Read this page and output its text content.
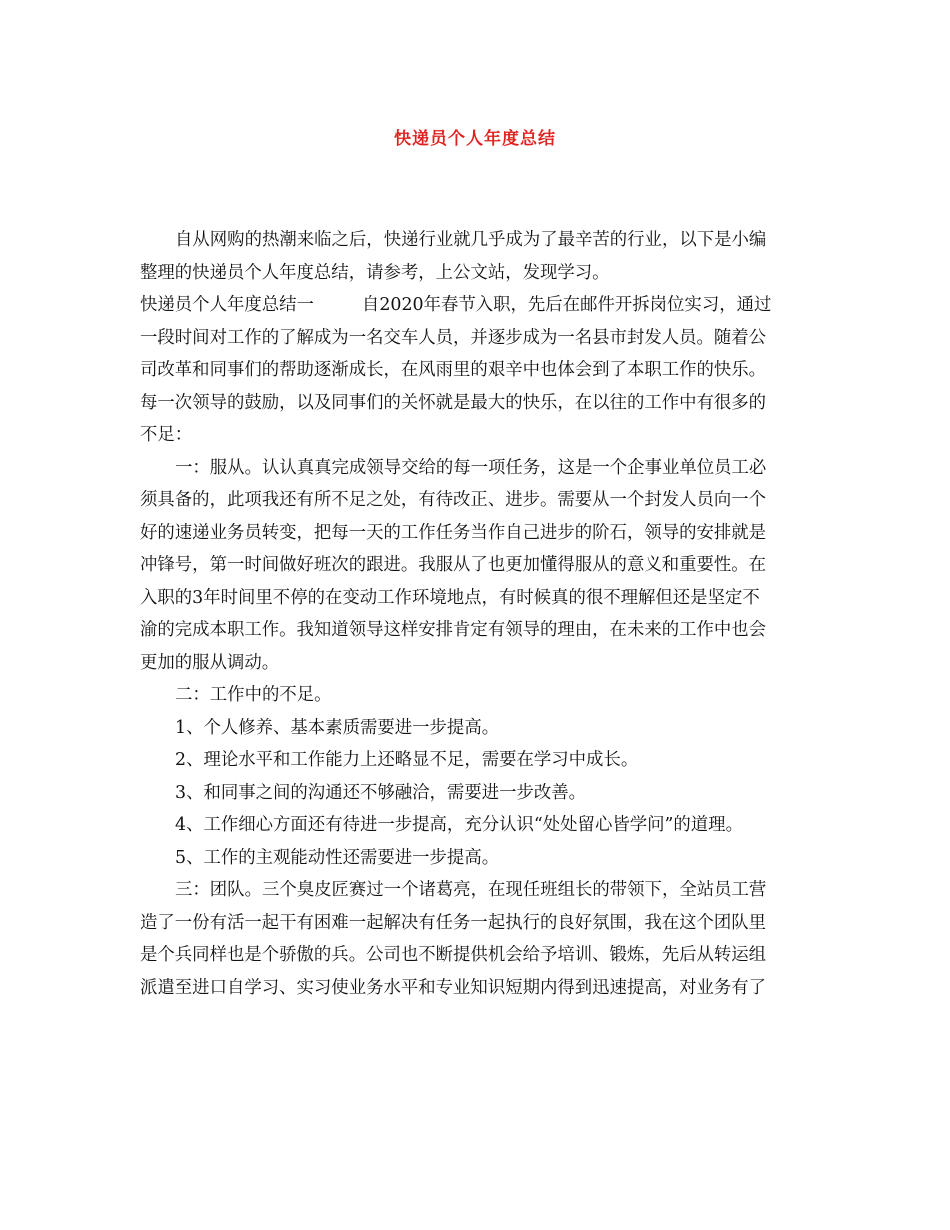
快递员个人年度总结
自从网购的热潮来临之后，快递行业就几乎成为了最辛苦的行业，以下是小编
整理的快递员个人年度总结，请参考，上公文站，发现学习。
快递员个人年度总结一	自2020年春节入职，先后在邮件开拆岗位实习，通过
一段时间对工作的了解成为一名交车人员，并逐步成为一名县市封发人员。随着公
司改革和同事们的帮助逐渐成长，在风雨里的艰辛中也体会到了本职工作的快乐。
每一次领导的鼓励，以及同事们的关怀就是最大的快乐，在以往的工作中有很多的
不足：
一：服从。认认真真完成领导交给的每一项任务，这是一个企事业单位员工必
须具备的，此项我还有所不足之处，有待改正、进步。需要从一个封发人员向一个
好的速递业务员转变，把每一天的工作任务当作自己进步的阶石，领导的安排就是
冲锋号，第一时间做好班次的跟进。我服从了也更加懂得服从的意义和重要性。在
入职的3年时间里不停的在变动工作环境地点，有时候真的很不理解但还是坚定不
渝的完成本职工作。我知道领导这样安排肯定有领导的理由，在未来的工作中也会
更加的服从调动。
二：工作中的不足。
1、个人修养、基本素质需要进一步提高。
2、理论水平和工作能力上还略显不足，需要在学习中成长。
3、和同事之间的沟通还不够融洽，需要进一步改善。
4、工作细心方面还有待进一步提高，充分认识“处处留心皆学问”的道理。
5、工作的主观能动性还需要进一步提高。
三：团队。三个臭皮匠赛过一个诸葛亮，在现任班组长的带领下，全站员工营
造了一份有活一起干有困难一起解决有任务一起执行的良好氛围，我在这个团队里
是个兵同样也是个骄傲的兵。公司也不断提供机会给予培训、锻炼，先后从转运组
派遣至进口自学习、实习使业务水平和专业知识短期内得到迅速提高，对业务有了
